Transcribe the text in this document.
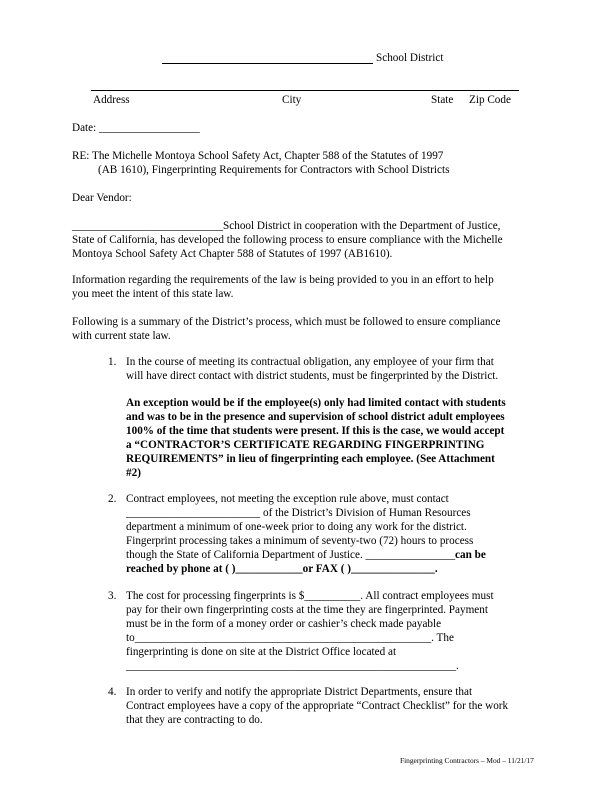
School District
Address	City	State Zip Code
Date: __________________
RE: The Michelle Montoya School Safety Act, Chapter 588 of the Statutes of 1997
(AB 1610), Fingerprinting Requirements for Contractors with School Districts
Dear Vendor:
___________________________School District in cooperation with the Department of Justice,
State of California, has developed the following process to ensure compliance with the Michelle
Montoya School Safety Act Chapter 588 of Statutes of 1997 (AB1610).
Information regarding the requirements of the law is being provided to you in an effort to help
you meet the intent of this state law.
Following is a summary of the District’s process, which must be followed to ensure compliance
with current state law.
1. In the course of meeting its contractual obligation, any employee of your firm that
will have direct contact with district students, must be fingerprinted by the District.
An exception would be if the employee(s) only had limited contact with students
and was to be in the presence and supervision of school district adult employees
100% of the time that students were present. If this is the case, we would accept
a “CONTRACTOR’S CERTIFICATE REGARDING FINGERPRINTING
REQUIREMENTS” in lieu of fingerprinting each employee. (See Attachment
#2)
2. Contract employees, not meeting the exception rule above, must contact
________________________ of the District’s Division of Human Resources
department a minimum of one-week prior to doing any work for the district.
Fingerprint processing takes a minimum of seventy-two (72) hours to process
though the State of California Department of Justice. ________________can be
reached by phone at ( )____________or FAX ( )_______________.
3. The cost for processing fingerprints is $__________. All contract employees must
pay for their own fingerprinting costs at the time they are fingerprinted. Payment
must be in the form of a money order or cashier’s check made payable
to_____________________________________________________. The
fingerprinting is done on site at the District Office located at
___________________________________________________________.
4. In order to verify and notify the appropriate District Departments, ensure that
Contract employees have a copy of the appropriate “Contract Checklist” for the work
that they are contracting to do.
Fingerprinting Contractors – Mod – 11/21/17
